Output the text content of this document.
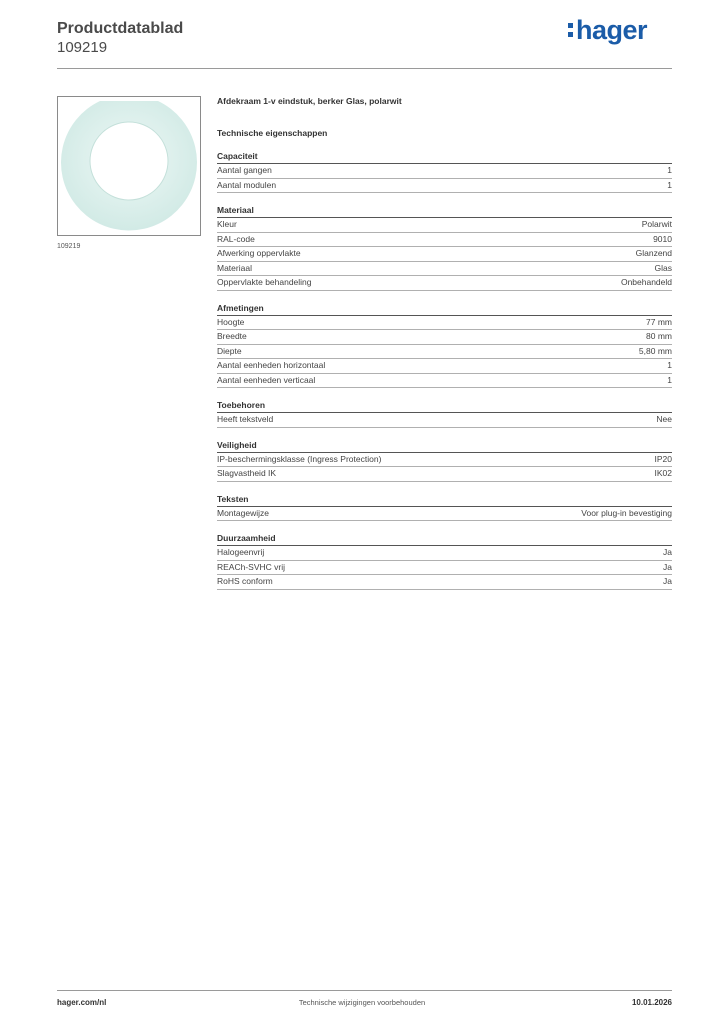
Productdatablad
109219
hager
109219
Afdekraam 1-v eindstuk, berker Glas, polarwit
Technische eigenschappen
Capaciteit
Aantal gangen	1
Aantal modulen	1
Materiaal
Kleur	Polarwit
RAL-code	9010
Afwerking oppervlakte	Glanzend
Materiaal	Glas
Oppervlakte behandeling	Onbehandeld
Afmetingen
Hoogte	77 mm
Breedte	80 mm
Diepte	5,80 mm
Aantal eenheden horizontaal	1
Aantal eenheden verticaal	1
Toebehoren
Heeft tekstveld	Nee
Veiligheid
IP-beschermingsklasse (Ingress Protection)	IP20
Slagvastheid IK	IK02
Teksten
Montagewijze	Voor plug-in bevestiging
Duurzaamheid
Halogeenvrij	Ja
REACh-SVHC vrij	Ja
RoHS conform	Ja
hager.com/nl	Technische wijzigingen voorbehouden	10.01.2026
